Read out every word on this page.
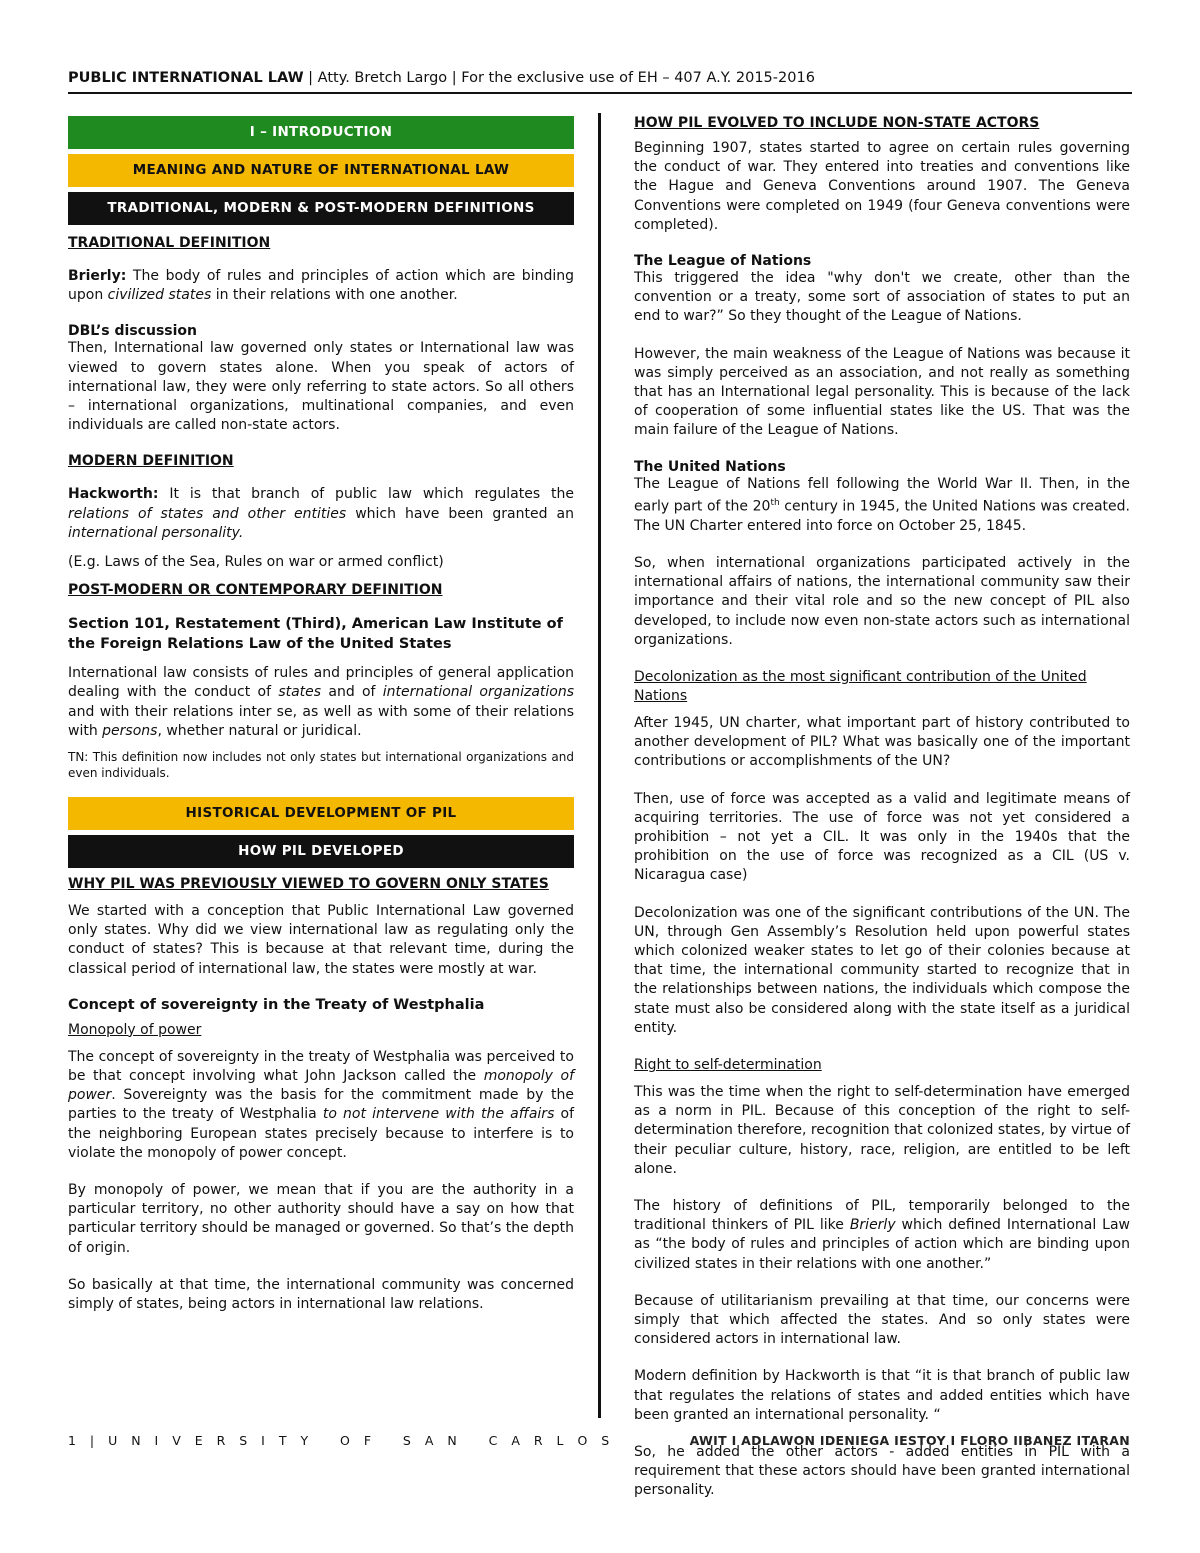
PUBLIC INTERNATIONAL LAW | Atty. Bretch Largo | For the exclusive use of EH – 407 A.Y. 2015-2016
I – INTRODUCTION
MEANING AND NATURE OF INTERNATIONAL LAW
TRADITIONAL, MODERN & POST-MODERN DEFINITIONS
TRADITIONAL DEFINITION

Brierly: The body of rules and principles of action which are binding upon civilized states in their relations with one another.

DBL’s discussion

Then, International law governed only states or International law was viewed to govern states alone. When you speak of actors of international law, they were only referring to state actors. So all others – international organizations, multinational companies, and even individuals are called non-state actors.

MODERN DEFINITION

Hackworth: It is that branch of public law which regulates the relations of states and other entities which have been granted an international personality.

(E.g. Laws of the Sea, Rules on war or armed conflict)

POST-MODERN OR CONTEMPORARY DEFINITION
Section 101, Restatement (Third), American Law Institute of the Foreign Relations Law of the United States

International law consists of rules and principles of general application dealing with the conduct of states and of international organizations and with their relations inter se, as well as with some of their relations with persons, whether natural or juridical.

TN: This definition now includes not only states but international organizations and even individuals.

HISTORICAL DEVELOPMENT OF PIL
HOW PIL DEVELOPED
WHY PIL WAS PREVIOUSLY VIEWED TO GOVERN ONLY STATES

We started with a conception that Public International Law governed only states. Why did we view international law as regulating only the conduct of states? This is because at that relevant time, during the classical period of international law, the states were mostly at war.

Concept of sovereignty in the Treaty of Westphalia
Monopoly of power

The concept of sovereignty in the treaty of Westphalia was perceived to be that concept involving what John Jackson called the monopoly of power. Sovereignty was the basis for the commitment made by the parties to the treaty of Westphalia to not intervene with the affairs of the neighboring European states precisely because to interfere is to violate the monopoly of power concept.

By monopoly of power, we mean that if you are the authority in a particular territory, no other authority should have a say on how that particular territory should be managed or governed. So that’s the depth of origin.

So basically at that time, the international community was concerned simply of states, being actors in international law relations.

HOW PIL EVOLVED TO INCLUDE NON-STATE ACTORS

Beginning 1907, states started to agree on certain rules governing the conduct of war. They entered into treaties and conventions like the Hague and Geneva Conventions around 1907. The Geneva Conventions were completed on 1949 (four Geneva conventions were completed).

The League of Nations

This triggered the idea "why don't we create, other than the convention or a treaty, some sort of association of states to put an end to war?” So they thought of the League of Nations.

However, the main weakness of the League of Nations was because it was simply perceived as an association, and not really as something that has an International legal personality. This is because of the lack of cooperation of some influential states like the US. That was the main failure of the League of Nations.

The United Nations

The League of Nations fell following the World War II. Then, in the early part of the 20th century in 1945, the United Nations was created. The UN Charter entered into force on October 25, 1845.

So, when international organizations participated actively in the international affairs of nations, the international community saw their importance and their vital role and so the new concept of PIL also developed, to include now even non-state actors such as international organizations.

Decolonization as the most significant contribution of the United Nations

After 1945, UN charter, what important part of history contributed to another development of PIL? What was basically one of the important contributions or accomplishments of the UN?

Then, use of force was accepted as a valid and legitimate means of acquiring territories. The use of force was not yet considered a prohibition – not yet a CIL. It was only in the 1940s that the prohibition on the use of force was recognized as a CIL (US v. Nicaragua case)

Decolonization was one of the significant contributions of the UN. The UN, through Gen Assembly’s Resolution held upon powerful states which colonized weaker states to let go of their colonies because at that time, the international community started to recognize that in the relationships between nations, the individuals which compose the state must also be considered along with the state itself as a juridical entity.

Right to self-determination

This was the time when the right to self-determination have emerged as a norm in PIL. Because of this conception of the right to self-determination therefore, recognition that colonized states, by virtue of their peculiar culture, history, race, religion, are entitled to be left alone.

The history of definitions of PIL, temporarily belonged to the traditional thinkers of PIL like Brierly which defined International Law as “the body of rules and principles of action which are binding upon civilized states in their relations with one another.”

Because of utilitarianism prevailing at that time, our concerns were simply that which affected the states. And so only states were considered actors in international law.

Modern definition by Hackworth is that “it is that branch of public law that regulates the relations of states and added entities which have been granted an international personality. “

So, he added the other actors - added entities in PIL with a requirement that these actors should have been granted international personality.

1 | U N I V E R S I T Y   O F   S A N   C A R L O S	AWIT I ADLAWON IDENIEGA IESTOY I FLORO IIBANEZ ITARAN
